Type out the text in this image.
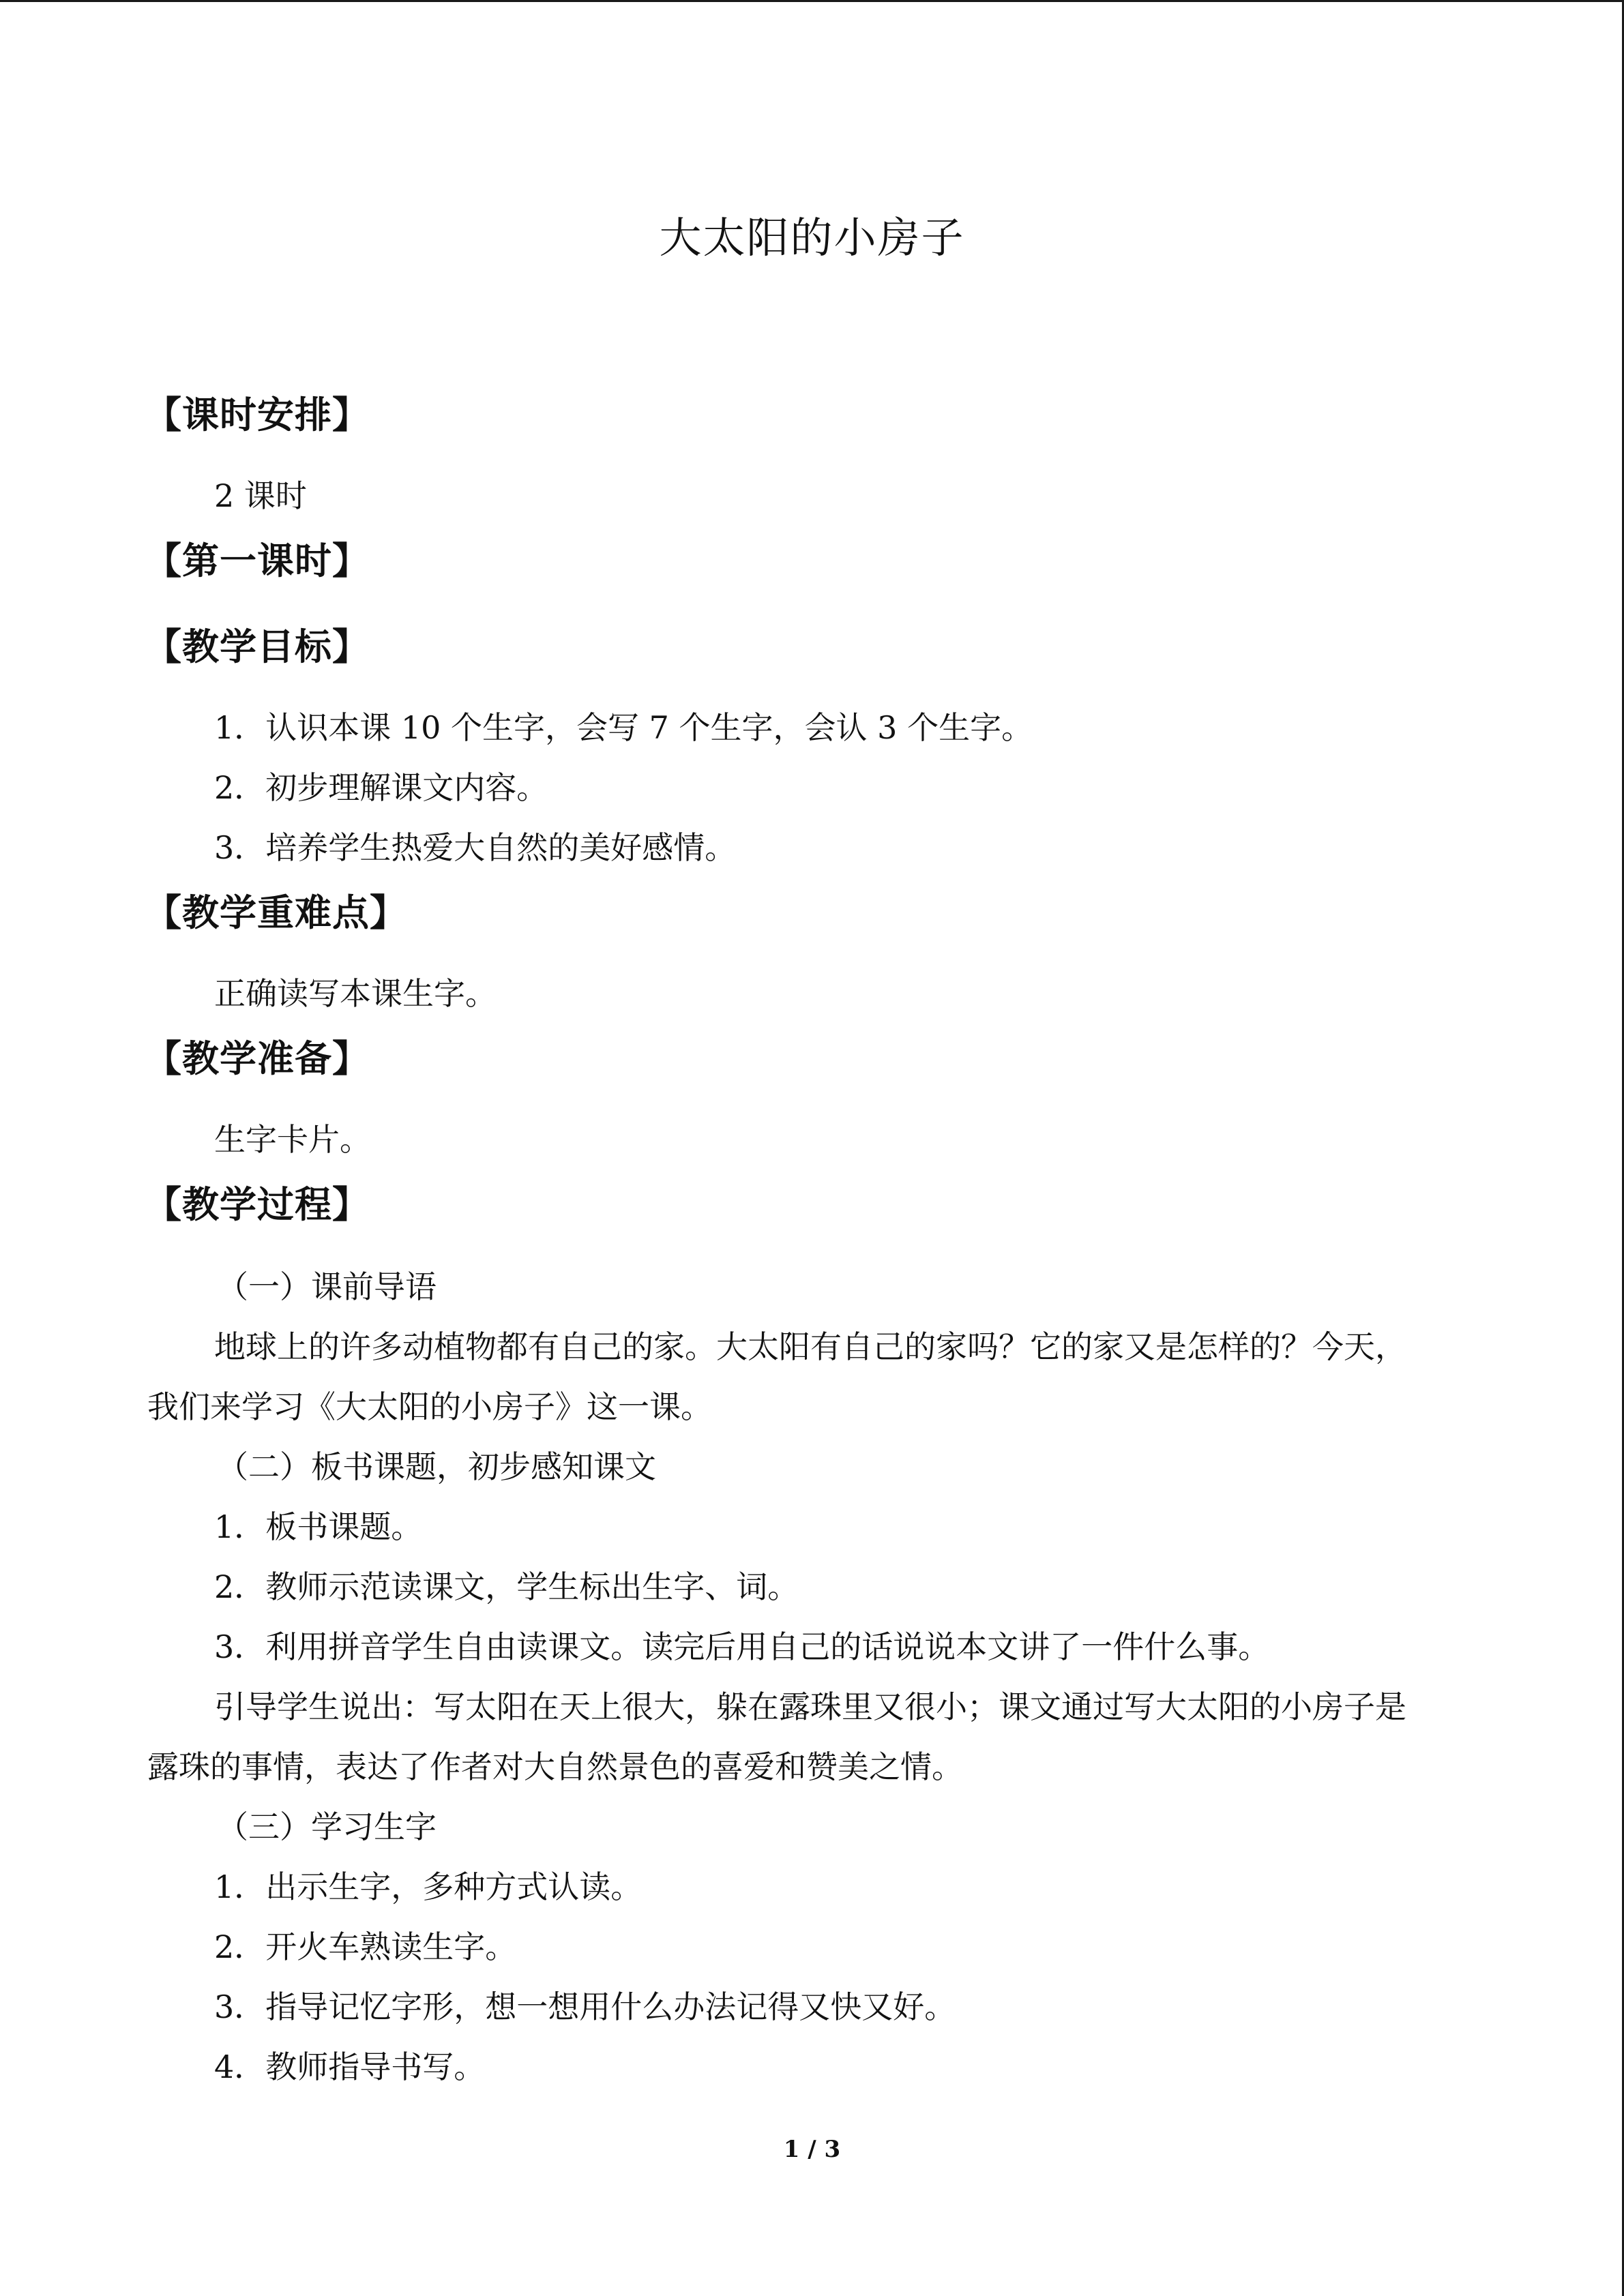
大太阳的小房子
【课时安排】
2 课时
【第一课时】
【教学目标】
1．认识本课 10 个生字，会写 7 个生字，会认 3 个生字。
2．初步理解课文内容。
3．培养学生热爱大自然的美好感情。
【教学重难点】
正确读写本课生字。
【教学准备】
生字卡片。
【教学过程】
（一）课前导语
地球上的许多动植物都有自己的家。大太阳有自己的家吗？它的家又是怎样的？今天，
我们来学习《大太阳的小房子》这一课。
（二）板书课题，初步感知课文
1．板书课题。
2．教师示范读课文，学生标出生字、词。
3．利用拼音学生自由读课文。读完后用自己的话说说本文讲了一件什么事。
引导学生说出：写太阳在天上很大，躲在露珠里又很小；课文通过写大太阳的小房子是
露珠的事情，表达了作者对大自然景色的喜爱和赞美之情。
（三）学习生字
1．出示生字，多种方式认读。
2．开火车熟读生字。
3．指导记忆字形，想一想用什么办法记得又快又好。
4．教师指导书写。
1 / 3
